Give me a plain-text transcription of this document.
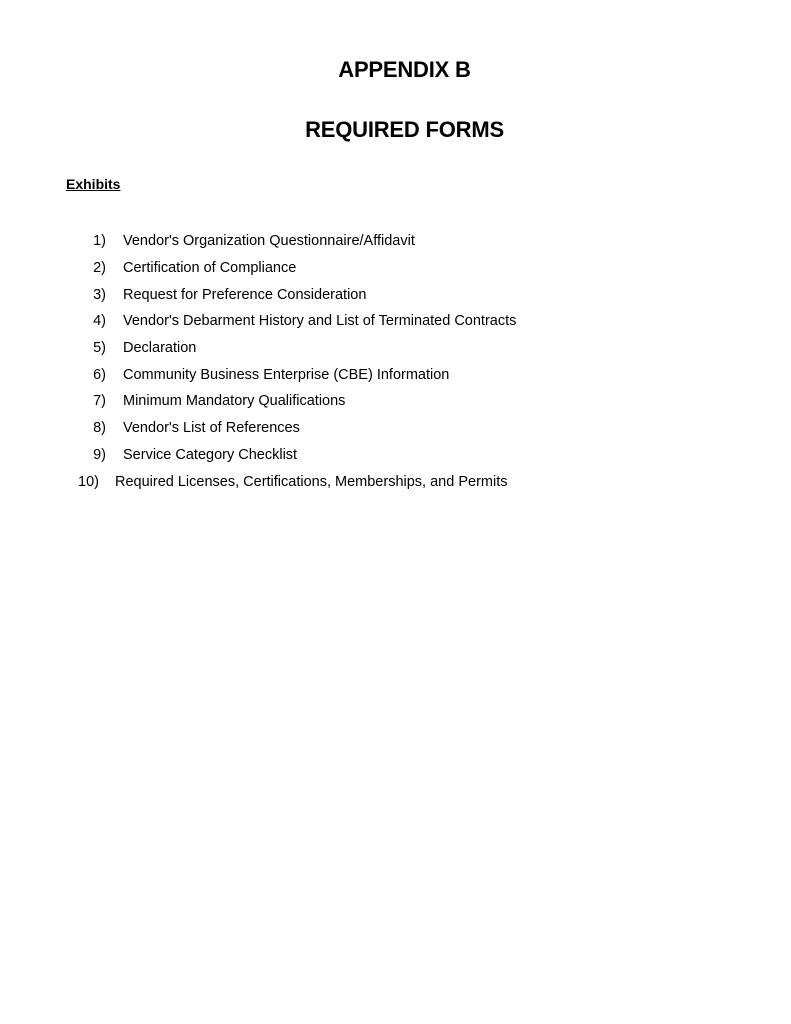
APPENDIX B
REQUIRED FORMS
Exhibits
1) Vendor's Organization Questionnaire/Affidavit
2) Certification of Compliance
3) Request for Preference Consideration
4) Vendor's Debarment History and List of Terminated Contracts
5) Declaration
6) Community Business Enterprise (CBE) Information
7) Minimum Mandatory Qualifications
8) Vendor's List of References
9) Service Category Checklist
10) Required Licenses, Certifications, Memberships, and Permits
